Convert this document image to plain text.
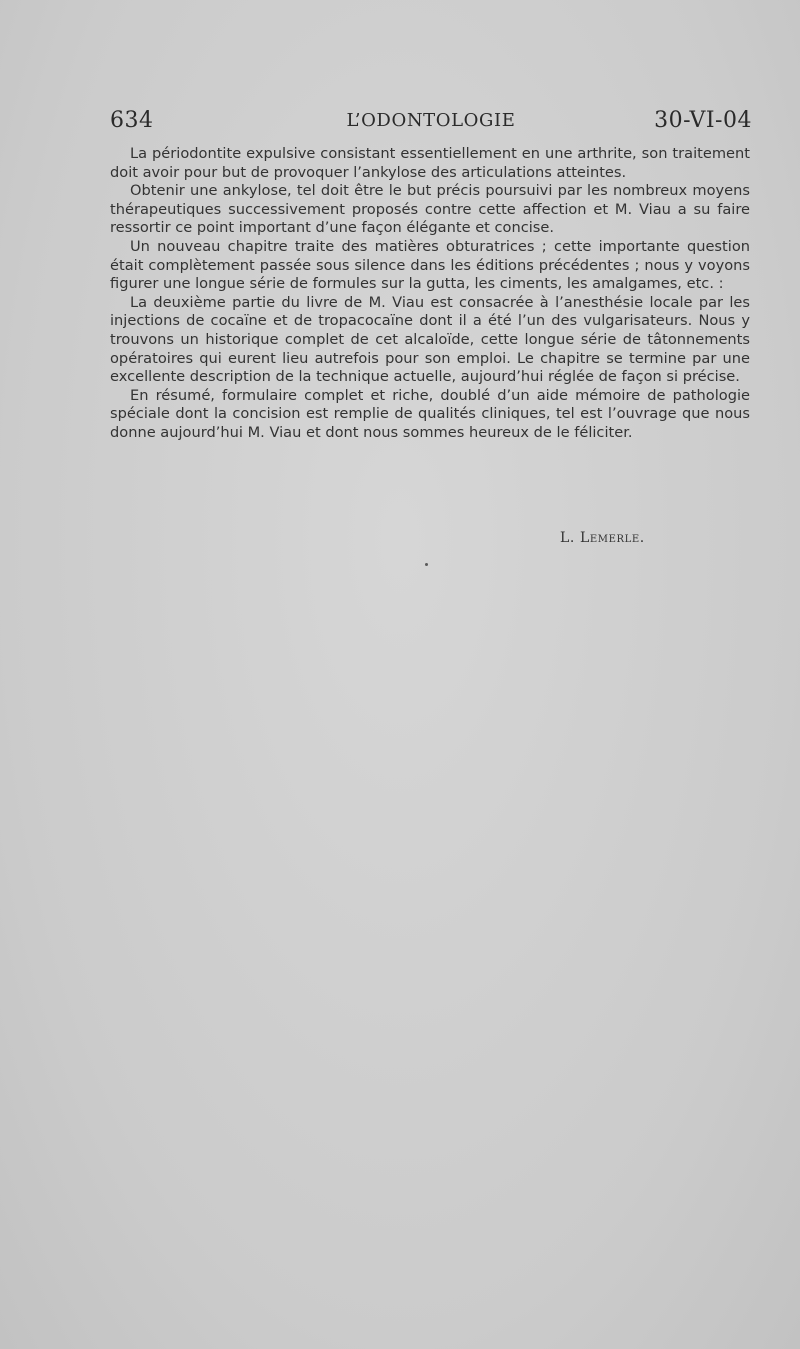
634	L’ODONTOLOGIE	30-VI-04

La périodontite expulsive consistant essentiellement en une arthrite, son traitement doit avoir pour but de provoquer l’ankylose des articulations atteintes.

Obtenir une ankylose, tel doit être le but précis poursuivi par les nombreux moyens thérapeutiques successivement proposés contre cette affection et M. Viau a su faire ressortir ce point important d’une façon élégante et concise.

Un nouveau chapitre traite des matières obturatrices ; cette importante question était complètement passée sous silence dans les éditions précédentes ; nous y voyons figurer une longue série de formules sur la gutta, les ciments, les amalgames, etc. :

La deuxième partie du livre de M. Viau est consacrée à l’anesthésie locale par les injections de cocaïne et de tropacocaïne dont il a été l’un des vulgarisateurs. Nous y trouvons un historique complet de cet alcaloïde, cette longue série de tâtonnements opératoires qui eurent lieu autrefois pour son emploi. Le chapitre se termine par une excellente description de la technique actuelle, aujourd’hui réglée de façon si précise.

En résumé, formulaire complet et riche, doublé d’un aide mémoire de pathologie spéciale dont la concision est remplie de qualités cliniques, tel est l’ouvrage que nous donne aujourd’hui M. Viau et dont nous sommes heureux de le féliciter.

L. Lemerle.
